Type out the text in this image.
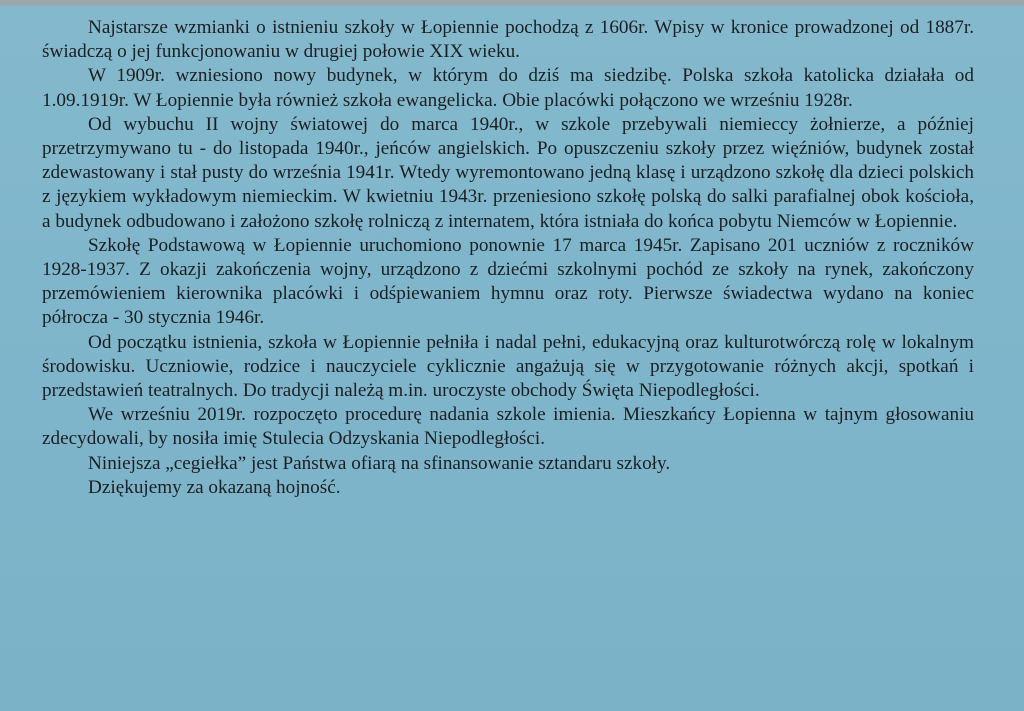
Najstarsze wzmianki o istnieniu szkoły w Łopiennie pochodzą z 1606r. Wpisy w kronice prowadzonej od 1887r. świadczą o jej funkcjonowaniu w drugiej połowie XIX wieku.

W 1909r. wzniesiono nowy budynek, w którym do dziś ma siedzibę. Polska szkoła katolicka działała od 1.09.1919r. W Łopiennie była również szkoła ewangelicka. Obie placówki połączono we wrześniu 1928r.

Od wybuchu II wojny światowej do marca 1940r., w szkole przebywali niemieccy żołnierze, a później przetrzymywano tu - do listopada 1940r., jeńców angielskich. Po opuszczeniu szkoły przez więźniów, budynek został zdewastowany i stał pusty do września 1941r. Wtedy wyremontowano jedną klasę i urządzono szkołę dla dzieci polskich z językiem wykładowym niemieckim. W kwietniu 1943r. przeniesiono szkołę polską do salki parafialnej obok kościoła, a budynek odbudowano i założono szkołę rolniczą z internatem, która istniała do końca pobytu Niemców w Łopiennie.

Szkołę Podstawową w Łopiennie uruchomiono ponownie 17 marca 1945r. Zapisano 201 uczniów z roczników 1928-1937. Z okazji zakończenia wojny, urządzono z dziećmi szkolnymi pochód ze szkoły na rynek, zakończony przemówieniem kierownika placówki i odśpiewaniem hymnu oraz roty. Pierwsze świadectwa wydano na koniec półrocza - 30 stycznia 1946r.

Od początku istnienia, szkoła w Łopiennie pełniła i nadal pełni, edukacyjną oraz kulturotwórczą rolę w lokalnym środowisku. Uczniowie, rodzice i nauczyciele cyklicznie angażują się w przygotowanie różnych akcji, spotkań i przedstawień teatralnych. Do tradycji należą m.in. uroczyste obchody Święta Niepodległości.

We wrześniu 2019r. rozpoczęto procedurę nadania szkole imienia. Mieszkańcy Łopienna w tajnym głosowaniu zdecydowali, by nosiła imię Stulecia Odzyskania Niepodległości.

Niniejsza „cegiełka” jest Państwa ofiarą na sfinansowanie sztandaru szkoły.

Dziękujemy za okazaną hojność.
